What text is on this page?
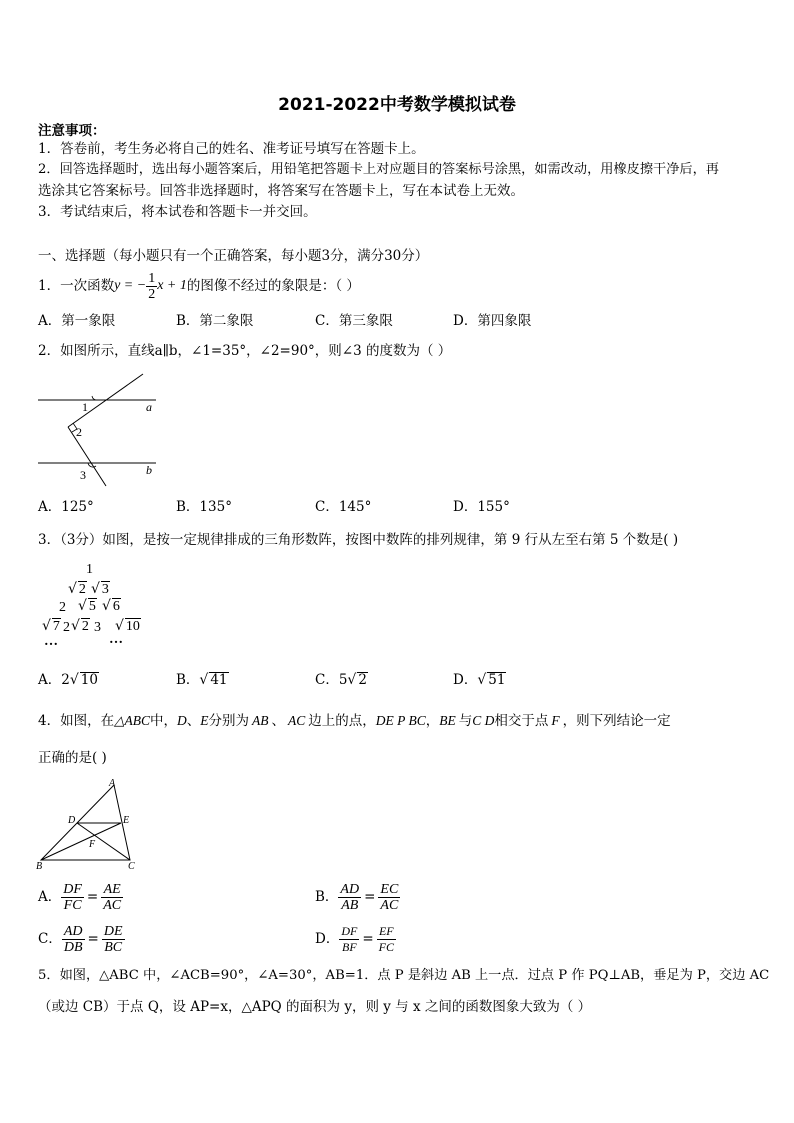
2021-2022中考数学模拟试卷
注意事项：
1．答卷前，考生务必将自己的姓名、准考证号填写在答题卡上。
2．回答选择题时，选出每小题答案后，用铅笔把答题卡上对应题目的答案标号涂黑，如需改动，用橡皮擦干净后，再
选涂其它答案标号。回答非选择题时，将答案写在答题卡上，写在本试卷上无效。
3．考试结束后，将本试卷和答题卡一并交回。
一、选择题（每小题只有一个正确答案，每小题3分，满分30分）
1．一次函数 y = − $\frac{1}{2}$ x + 1 的图像不经过的象限是：（ ）
A．第一象限	B．第二象限	C．第三象限	D．第四象限
2．如图所示，直线a∥b，∠1=35°，∠2=90°，则∠3 的度数为（ ）
1
2
3
a
b
A．125°	B．135°	C．145°	D．155°
3．（3分）如图，是按一定规律排成的三角形数阵，按图中数阵的排列规律，第 9 行从左至右第 5 个数是( )
1
√ 2 √ 3
2 √ 5 √ 6
√ 7 2 √ 2 3 √ 10
…	…
A．2√ 10	B．√ 41	C．5√ 2	D．√ 51
4．如图，在△ABC中，D、E分别为 AB 、 AC 边上的点，DE P BC，BE 与C D相交于点 F ，则下列结论一定
正确的是( )
A
D	E
F
B	C
A． $\frac{DF}{FC} = \frac{AE}{AC}$	B． $\frac{AD}{AB} = \frac{EC}{AC}$
C． $\frac{AD}{DB} = \frac{DE}{BC}$	D． $\frac{DF}{BF} = \frac{EF}{FC}$
5．如图，△ABC 中，∠ACB=90°，∠A=30°，AB=1．点 P 是斜边 AB 上一点．过点 P 作 PQ⊥AB，垂足为 P，交边 AC
（或边 CB）于点 Q，设 AP=x，△APQ 的面积为 y，则 y 与 x 之间的函数图象大致为（ ）
